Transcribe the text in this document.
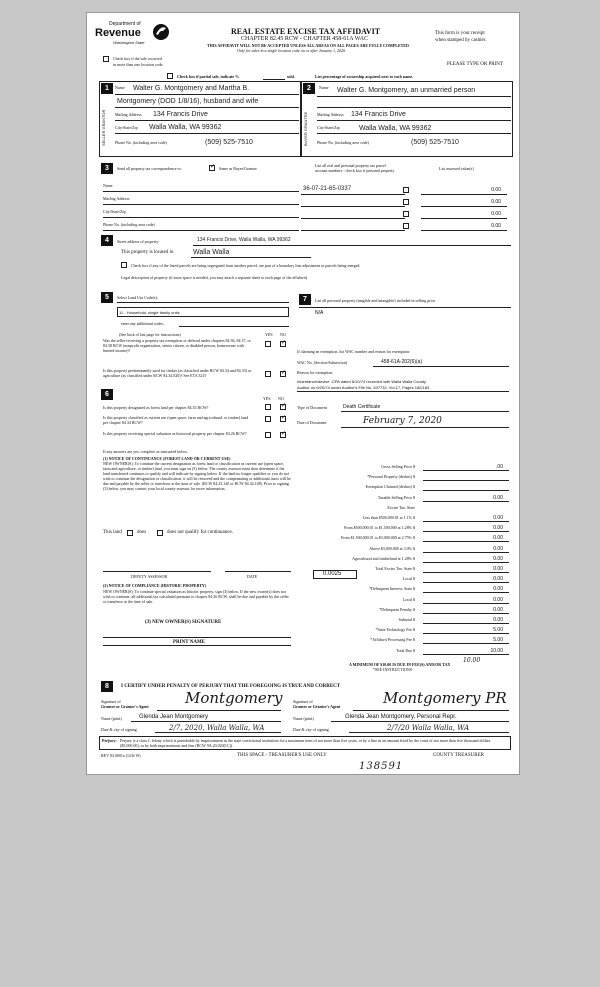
Department of
Revenue
Washington State
REAL ESTATE EXCISE TAX AFFIDAVIT
CHAPTER 82.45 RCW - CHAPTER 458-61A WAC
THIS AFFIDAVIT WILL NOT BE ACCEPTED UNLESS ALL AREAS ON ALL PAGES ARE FULLY COMPLETED
Only for sales in a single location code on or after January 1, 2020.
This form is your receipt
when stamped by cashier.
Check box if the sale occurred
in more than one location code.	PLEASE TYPE OR PRINT
Check box if partial sale, indicate %	sold.	List percentage of ownership acquired next to each name.
1
SELLER GRANTOR
Name Walter G. Montgomery and Martha B.
Montgomery (DOD 1/8/16), husband and wife
Mailing Address 134 Francis Drive
City/State/Zip Walla Walla, WA 99362
Phone No. (including area code)	(509) 525-7510
2
BUYER GRANTEE
Name Walter G. Montgomery, an unmarried person
Mailing Address 134 Francis Drive
City/State/Zip	Walla Walla, WA 99362
Phone No. (including area code)	(509) 525-7510
3	Send all property tax correspondence to:
✓	Same as Buyer/Grantee
Name
Mailing Address
City/State/Zip
Phone No. (including area code)
List all real and personal property tax parcel
account numbers - check box if personal property	List assessed value(s)
36-07-21-65-0337	0.00
0.00
0.00
0.00
4	Street address of property:	134 Francis Drive, Walla Walla, WA 99362
This property is located in	Walla Walla
Check box if any of the listed parcels are being segregated from another parcel, are part of a boundary line adjustment or parcels being merged.
Legal description of property (if more space is needed, you may attach a separate sheet to each page of the affidavit)
5	Select Land Use Code(s):
11 - Household, single family units
enter any additional codes:
(See back of last page for instructions)	YES NO
Was the seller receiving a property tax exemption or deferral under chapters 84.36, 84.37, or 84.38 RCW (nonprofit organization, senior citizen, or disabled person, homeowner with limited income)?
✓
Is this property predominantly used for timber (as classified under RCW 84.34 and 84.33) or agriculture (as classified under RCW 84.34.020)? See ETA 3215
✓
6
YES NO
Is this property designated as forest land per chapter 84.33 RCW?
✓
Is this property classified as current use (open space, farm and agricultural, or timber) land per chapter 84.34 RCW?
✓
Is this property receiving special valuation as historical property per chapter 84.26 RCW?
✓
If any answers are yes, complete as instructed below.
(1) NOTICE OF CONTINUANCE (FOREST LAND OR CURRENT USE)
NEW OWNER(S): To continue the current designation as forest land or classification as current use (open space, farm and agriculture, or timber) land, you must sign on (3) below. The county assessor must then determine if the land transferred continues to qualify and will indicate by signing below. If the land no longer qualifies or you do not wish to continue the designation or classification, it will be removed and the compensating or additional taxes will be due and payable by the seller or transferor at the time of sale. (RCW 84.33.140 or RCW 84.34.108). Prior to signing (3) below, you may contact your local county assessor for more information.
This land	does	does not qualify for continuance.
DEPUTY ASSESSOR	DATE
(2) NOTICE OF COMPLIANCE (HISTORIC PROPERTY)
NEW OWNER(S): To continue special valuation as historic property, sign (3) below. If the new owner(s) does not wish to continue, all additional tax calculated pursuant to chapter 84.26 RCW, shall be due and payable by the seller or transferor at the time of sale.
(3) NEW OWNER(S) SIGNATURE
PRINT NAME
7	List all personal property (tangible and intangible) included in selling price.
N/A
If claiming an exemption, list WAC number and reason for exemption:
WAC No. (Section/Subsection)	458-61A-202(6)(a)
Reason for exemption
Inheritance/devise -CPA dated 6/10/74 recorded with Walla Walla County
Auditor on 6/20/74 under Auditor's File No. 537732, Vol.17, Pages 182/183
Type of Document	Death Certificate
Date of Document	February 7, 2020
0.0025
10.00
A MINIMUM OF $10.00 IS DUE IN FEE(S) AND/OR TAX
*SEE INSTRUCTIONS
8	I CERTIFY UNDER PENALTY OF PERJURY THAT THE FOREGOING IS TRUE AND CORRECT
Signature of
Grantor or Grantor's Agent Montgomery	Signature of
Grantee or Grantee's Agent	Montgomery PR
Name (print)	Glenda Jean Montgomery	Name (print)	Glenda Jean Montgomery, Personal Repr.
Date & city of signing	2/7, 2020, Walla Walla, WA	Date & city of signing	2/7/20 Walla Walla, WA
Perjury: Perjury is a class C felony which is punishable by imprisonment in the state correctional institution for a maximum term of not more than five years, or by a fine in an amount fixed by the court of not more than five thousand dollars ($5,000.00), or by both imprisonment and fine (RCW 9A.20.020(1C)).
REV 84 0001a (12/6/19)	THIS SPACE - TREASURER'S USE ONLY	COUNTY TREASURER
138591
Gross Selling Price $	.00
*Personal Property (deduct) $
Exemption Claimed (deduct) $
Taxable Selling Price $	0.00
Excise Tax: State
Less than $500,000.01 at 1.1% $	0.00
From $500,000.01 to $1,500,000 at 1.28% $	0.00
From $1,500,000.01 to $3,000,000 at 2.75% $	0.00
Above $3,000,000 at 3.0% $	0.00
Agricultural and timberland at 1.28% $	0.00
Total Excise Tax: State $	0.00
Local $	0.00
*Delinquent Interest: State $	0.00
Local $	0.00
*Delinquent Penalty $	0.00
Subtotal $	0.00
*State Technology Fee $	5.00
*Affidavit Processing Fee $	5.00
Total Due $	10.00
